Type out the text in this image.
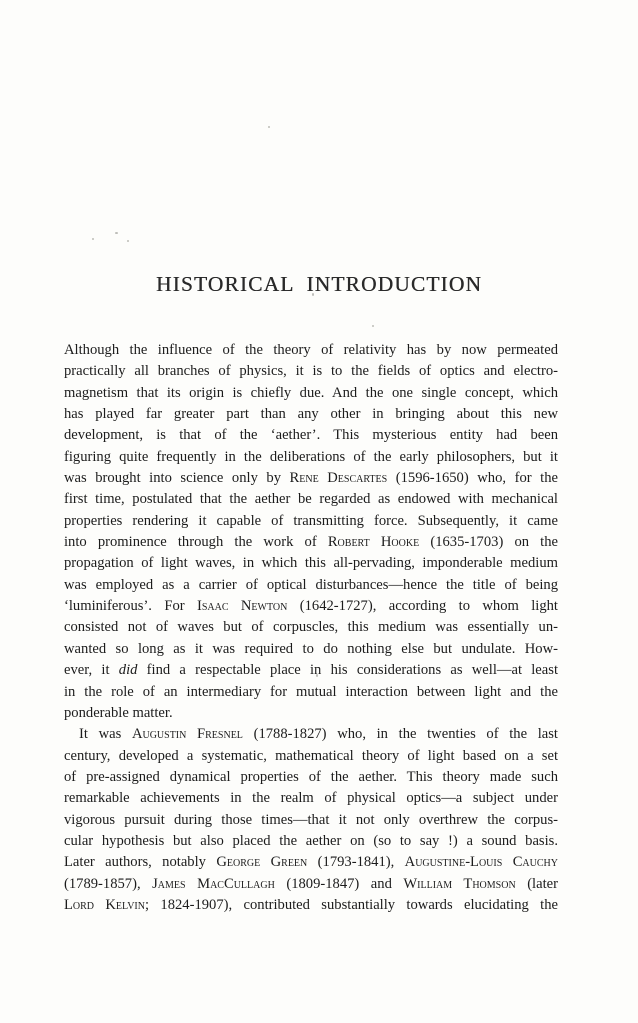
HISTORICAL INTRODUCTION
Although the influence of the theory of relativity has by now permeated
practically all branches of physics, it is to the fields of optics and electro-
magnetism that its origin is chiefly due. And the one single concept, which
has played far greater part than any other in bringing about this new
development, is that of the ‘aether’. This mysterious entity had been
figuring quite frequently in the deliberations of the early philosophers, but it
was brought into science only by Rene Descartes (1596-1650) who, for the
first time, postulated that the aether be regarded as endowed with mechanical
properties rendering it capable of transmitting force. Subsequently, it came
into prominence through the work of Robert Hooke (1635-1703) on the
propagation of light waves, in which this all-pervading, imponderable medium
was employed as a carrier of optical disturbances—hence the title of being
‘luminiferous’. For Isaac Newton (1642-1727), according to whom light
consisted not of waves but of corpuscles, this medium was essentially un-
wanted so long as it was required to do nothing else but undulate. How-
ever, it did find a respectable place in his considerations as well—at least
in the role of an intermediary for mutual interaction between light and the
ponderable matter.
It was Augustin Fresnel (1788-1827) who, in the twenties of the last
century, developed a systematic, mathematical theory of light based on a set
of pre-assigned dynamical properties of the aether. This theory made such
remarkable achievements in the realm of physical optics—a subject under
vigorous pursuit during those times—that it not only overthrew the corpus-
cular hypothesis but also placed the aether on (so to say !) a sound basis.
Later authors, notably George Green (1793-1841), Augustine-Louis Cauchy
(1789-1857), James MacCullagh (1809-1847) and William Thomson (later
Lord Kelvin; 1824-1907), contributed substantially towards elucidating the
